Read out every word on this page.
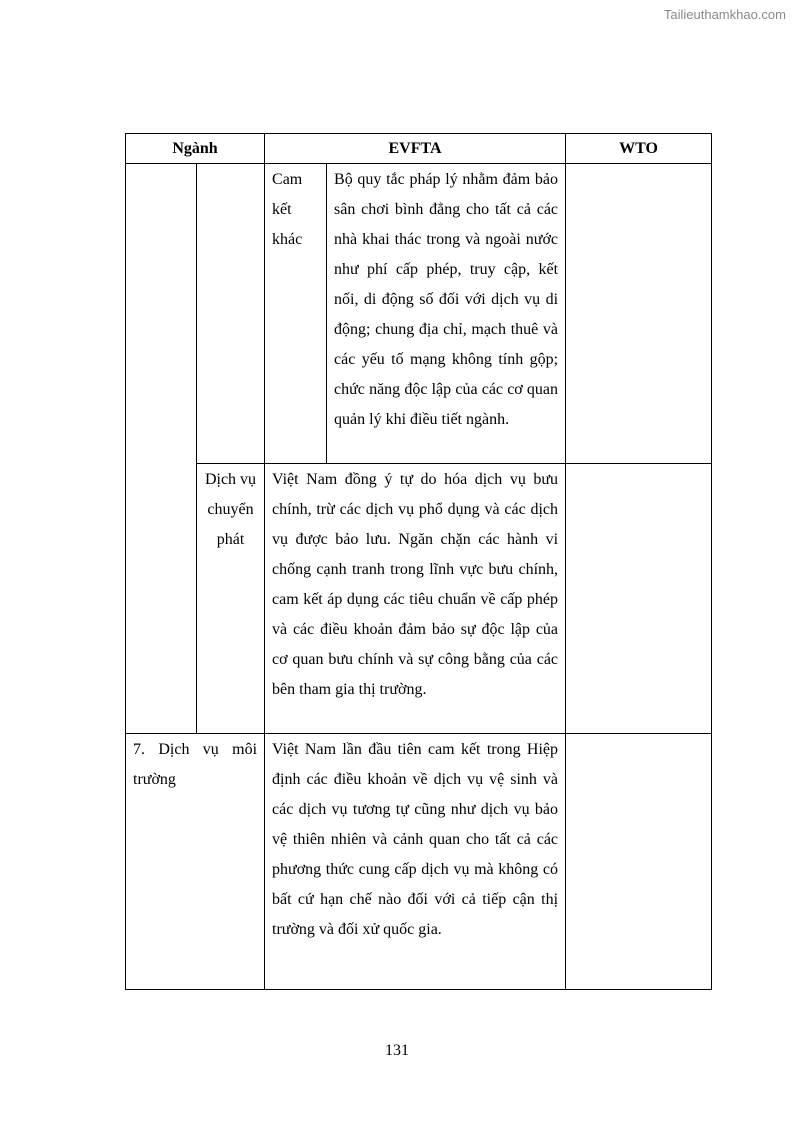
Tailieuthamkhao.com
Ngành		EVFTA		WTO

		Cam kết khác	Bộ quy tắc pháp lý nhằm đảm bảo sân chơi bình đẳng cho tất cả các nhà khai thác trong và ngoài nước như phí cấp phép, truy cập, kết nối, di động số đối với dịch vụ di động; chung địa chỉ, mạch thuê và các yếu tố mạng không tính gộp; chức năng độc lập của các cơ quan quản lý khi điều tiết ngành.	

	Dịch vụ chuyển phát	Việt Nam đồng ý tự do hóa dịch vụ bưu chính, trừ các dịch vụ phổ dụng và các dịch vụ được bảo lưu. Ngăn chặn các hành vi chống cạnh tranh trong lĩnh vực bưu chính, cam kết áp dụng các tiêu chuẩn về cấp phép và các điều khoản đảm bảo sự độc lập của cơ quan bưu chính và sự công bằng của các bên tham gia thị trường.		

7. Dịch vụ môi trường		Việt Nam lần đầu tiên cam kết trong Hiệp định các điều khoản về dịch vụ vệ sinh và các dịch vụ tương tự cũng như dịch vụ bảo vệ thiên nhiên và cảnh quan cho tất cả các phương thức cung cấp dịch vụ mà không có bất cứ hạn chế nào đối với cả tiếp cận thị trường và đối xử quốc gia.		

131
